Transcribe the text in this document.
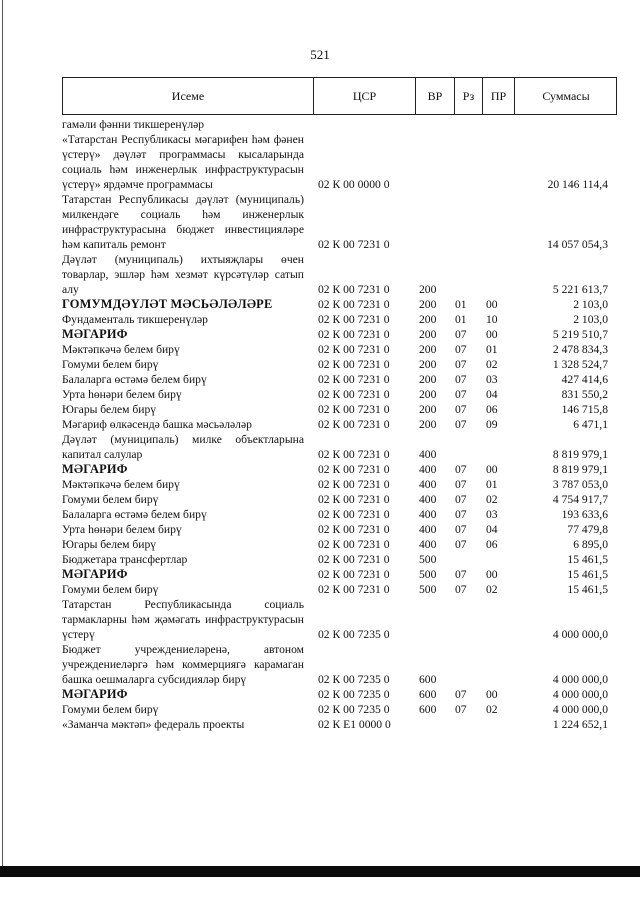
521
Исеме	ЦСР	ВР	Рз	ПР	Суммасы
гамәли фәнни тикшеренүләр
«Татарстан Республикасы мәгарифен һәм фәнен үстерү» дәүләт программасы кысаларында социаль һәм инженерлык инфраструктурасын үстерү» ярдәмче программасы	02 К 00 0000 0	20 146 114,4
Татарстан Республикасы дәүләт (муниципаль) милкендәге социаль һәм инженерлык инфраструктурасына бюджет инвестицияләре һәм капиталь ремонт	02 К 00 7231 0	14 057 054,3
Дәүләт (муниципаль) ихтыяҗлары өчен товарлар, эшләр һәм хезмәт күрсәтүләр сатып алу	02 К 00 7231 0	200	5 221 613,7
ГОМУМДӘҮЛӘТ МӘСЬӘЛӘЛӘРЕ	02 К 00 7231 0	200 01 00	2 103,0
Фундаменталь тикшеренүләр	02 К 00 7231 0	200 01 10	2 103,0
МӘГАРИФ	02 К 00 7231 0	200 07 00	5 219 510,7
Мәктәпкәчә белем бирү	02 К 00 7231 0	200 07 01	2 478 834,3
Гомуми белем бирү	02 К 00 7231 0	200 07 02	1 328 524,7
Балаларга өстәмә белем бирү	02 К 00 7231 0	200 07 03	427 414,6
Урта һөнәри белем бирү	02 К 00 7231 0	200 07 04	831 550,2
Югары белем бирү	02 К 00 7231 0	200 07 06	146 715,8
Мәгариф өлкәсендә башка мәсьәләләр	02 К 00 7231 0	200 07 09	6 471,1
Дәүләт (муниципаль) милке объектларына капитал салулар	02 К 00 7231 0	400	8 819 979,1
МӘГАРИФ	02 К 00 7231 0	400 07 00	8 819 979,1
Мәктәпкәчә белем бирү	02 К 00 7231 0	400 07 01	3 787 053,0
Гомуми белем бирү	02 К 00 7231 0	400 07 02	4 754 917,7
Балаларга өстәмә белем бирү	02 К 00 7231 0	400 07 03	193 633,6
Урта һөнәри белем бирү	02 К 00 7231 0	400 07 04	77 479,8
Югары белем бирү	02 К 00 7231 0	400 07 06	6 895,0
Бюджетара трансфертлар	02 К 00 7231 0	500	15 461,5
МӘГАРИФ	02 К 00 7231 0	500 07 00	15 461,5
Гомуми белем бирү	02 К 00 7231 0	500 07 02	15 461,5
Татарстан Республикасында социаль тармакларны һәм җәмәгать инфраструктурасын үстерү	02 К 00 7235 0	4 000 000,0
Бюджет учреждениеләренә, автоном учреждениеләргә һәм коммерциягә карамаган башка оешмаларга субсидияләр бирү	02 К 00 7235 0	600	4 000 000,0
МӘГАРИФ	02 К 00 7235 0	600 07 00	4 000 000,0
Гомуми белем бирү	02 К 00 7235 0	600 07 02	4 000 000,0
«Заманча мәктәп» федераль проекты	02 К Е1 0000 0	1 224 652,1
